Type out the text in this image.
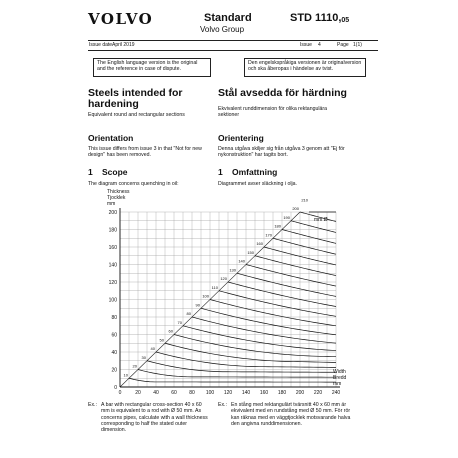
VOLVO	Standard
Volvo Group
STD $1110,_{05}$
Issue date April 2019	Issue 4	Page 1(1)
The English language version is the original and the reference in case of dispute.
Den engelskspråkiga versionen är originalversion och ska åberopas i händelse av tvist.
Steels intended for hardening
Equivalent round and rectangular sections
Orientation
This issue differs from issue 3 in that "Not for new design" has been removed.
1 Scope
The diagram concerns quenching in oil:
Stål avsedda för härdning
Ekvivalent runddimension för olika rektangulära sektioner
Orientering
Denna utgåva skiljer sig från utgåva 3 genom att "Ej för nykonstruktion" har tagits bort.
1 Omfattning
Diagrammet avser släckning i olja.
10
20
30
40
50
60
70
80
90
100
110
120
130
140
150
160
170
180
190
200
210
0	20 40 60 80 100 120 140 160 180 200 220 240
0
20
40
60
80
100
120
140
160
180
200
Thickness
Tjocklek
mm
Width
Bredd
mm
mm Ø
Ex.: A bar with rectangular cross-section 40 x 60 mm is equivalent to a rod with Ø 50 mm. As concerns pipes, calculate with a wall thickness corresponding to half the stated outer dimension.
Ex.: En stång med rektangulärt tvärsnitt 40 x 60 mm är ekvivalent med en rundstång med Ø 50 mm. För rör kan räknas med en väggtjocklek motsvarande halva den angivna runddimensionen.
